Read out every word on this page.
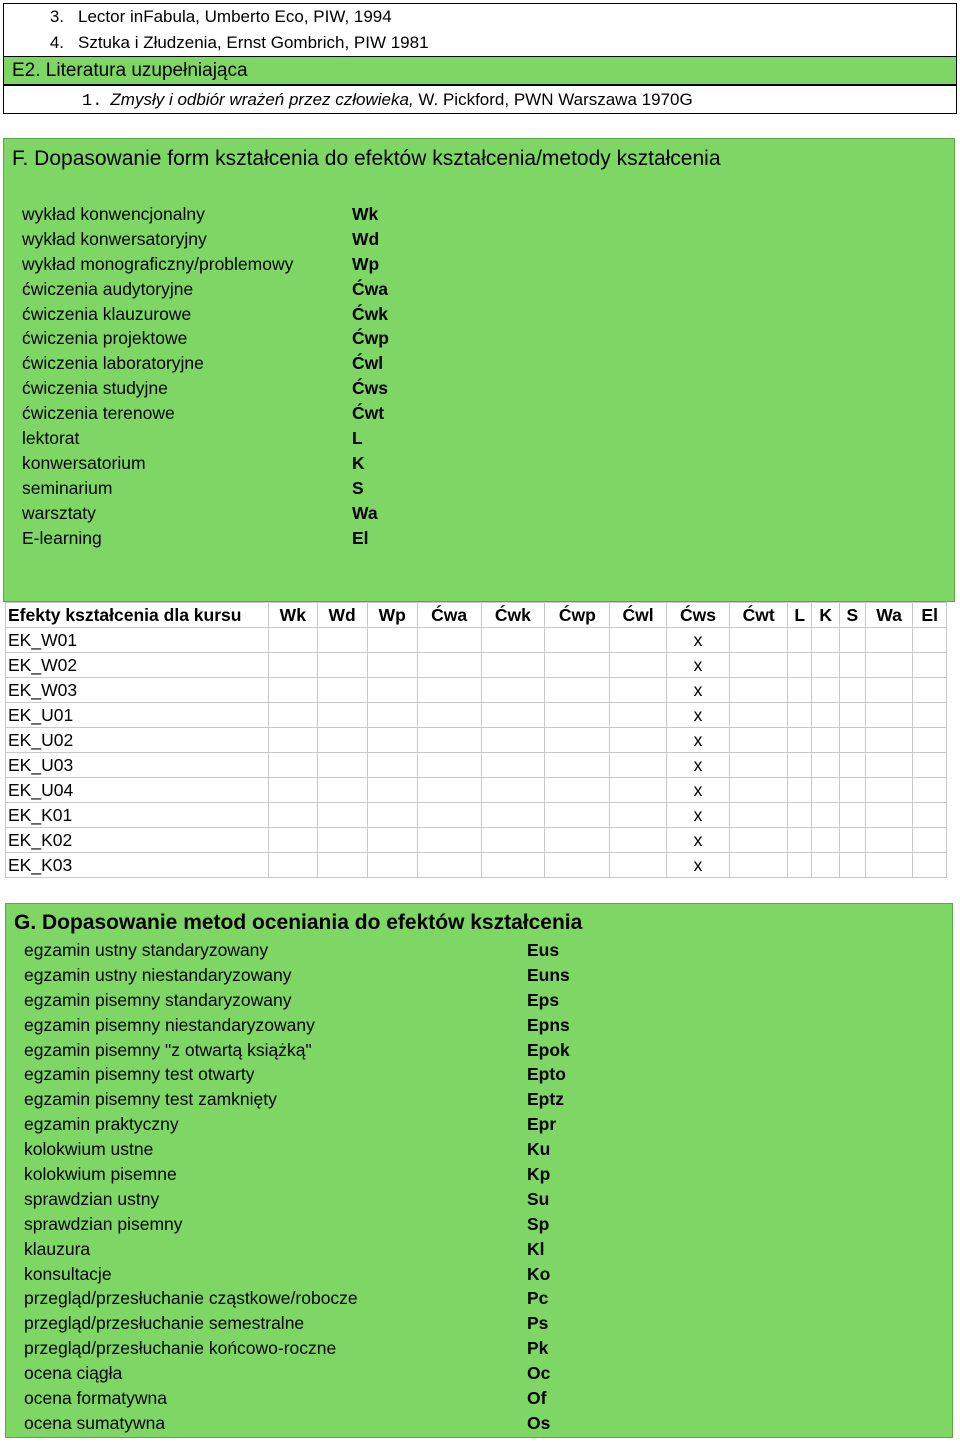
3. Lector inFabula, Umberto Eco, PIW, 1994
4. Sztuka i Złudzenia, Ernst Gombrich, PIW 1981
E2. Literatura uzupełniająca
1. Zmysły i odbiór wrażeń przez człowieka, W. Pickford, PWN Warszawa 1970G
F. Dopasowanie form kształcenia do efektów kształcenia/metody kształcenia
wykład konwencjonalny	Wk
wykład konwersatoryjny	Wd
wykład monograficzny/problemowy	Wp
ćwiczenia audytoryjne	Ćwa
ćwiczenia klauzurowe	Ćwk
ćwiczenia projektowe	Ćwp
ćwiczenia laboratoryjne	Ćwl
ćwiczenia studyjne	Ćws
ćwiczenia terenowe	Ćwt
lektorat	L
konwersatorium	K
seminarium	S
warsztaty	Wa
E-learning	El
Efekty kształcenia dla kursu	Wk	Wd	Wp	Ćwa	Ćwk	Ćwp	Ćwl	Ćws	Ćwt	L	K	S	Wa	El
EK_W01								x						
EK_W02								x						
EK_W03								x						
EK_U01								x						
EK_U02								x						
EK_U03								x						
EK_U04								x						
EK_K01								x						
EK_K02								x						
EK_K03								x						
G. Dopasowanie metod oceniania do efektów kształcenia
egzamin ustny standaryzowany	Eus
egzamin ustny niestandaryzowany	Euns
egzamin pisemny standaryzowany	Eps
egzamin pisemny niestandaryzowany	Epns
egzamin pisemny "z otwartą książką"	Epok
egzamin pisemny test otwarty	Epto
egzamin pisemny test zamknięty	Eptz
egzamin praktyczny	Epr
kolokwium ustne	Ku
kolokwium pisemne	Kp
sprawdzian ustny	Su
sprawdzian pisemny	Sp
klauzura	Kl
konsultacje	Ko
przegląd/przesłuchanie cząstkowe/robocze	Pc
przegląd/przesłuchanie semestralne	Ps
przegląd/przesłuchanie końcowo-roczne	Pk
ocena ciągła	Oc
ocena formatywna	Of
ocena sumatywna	Os
